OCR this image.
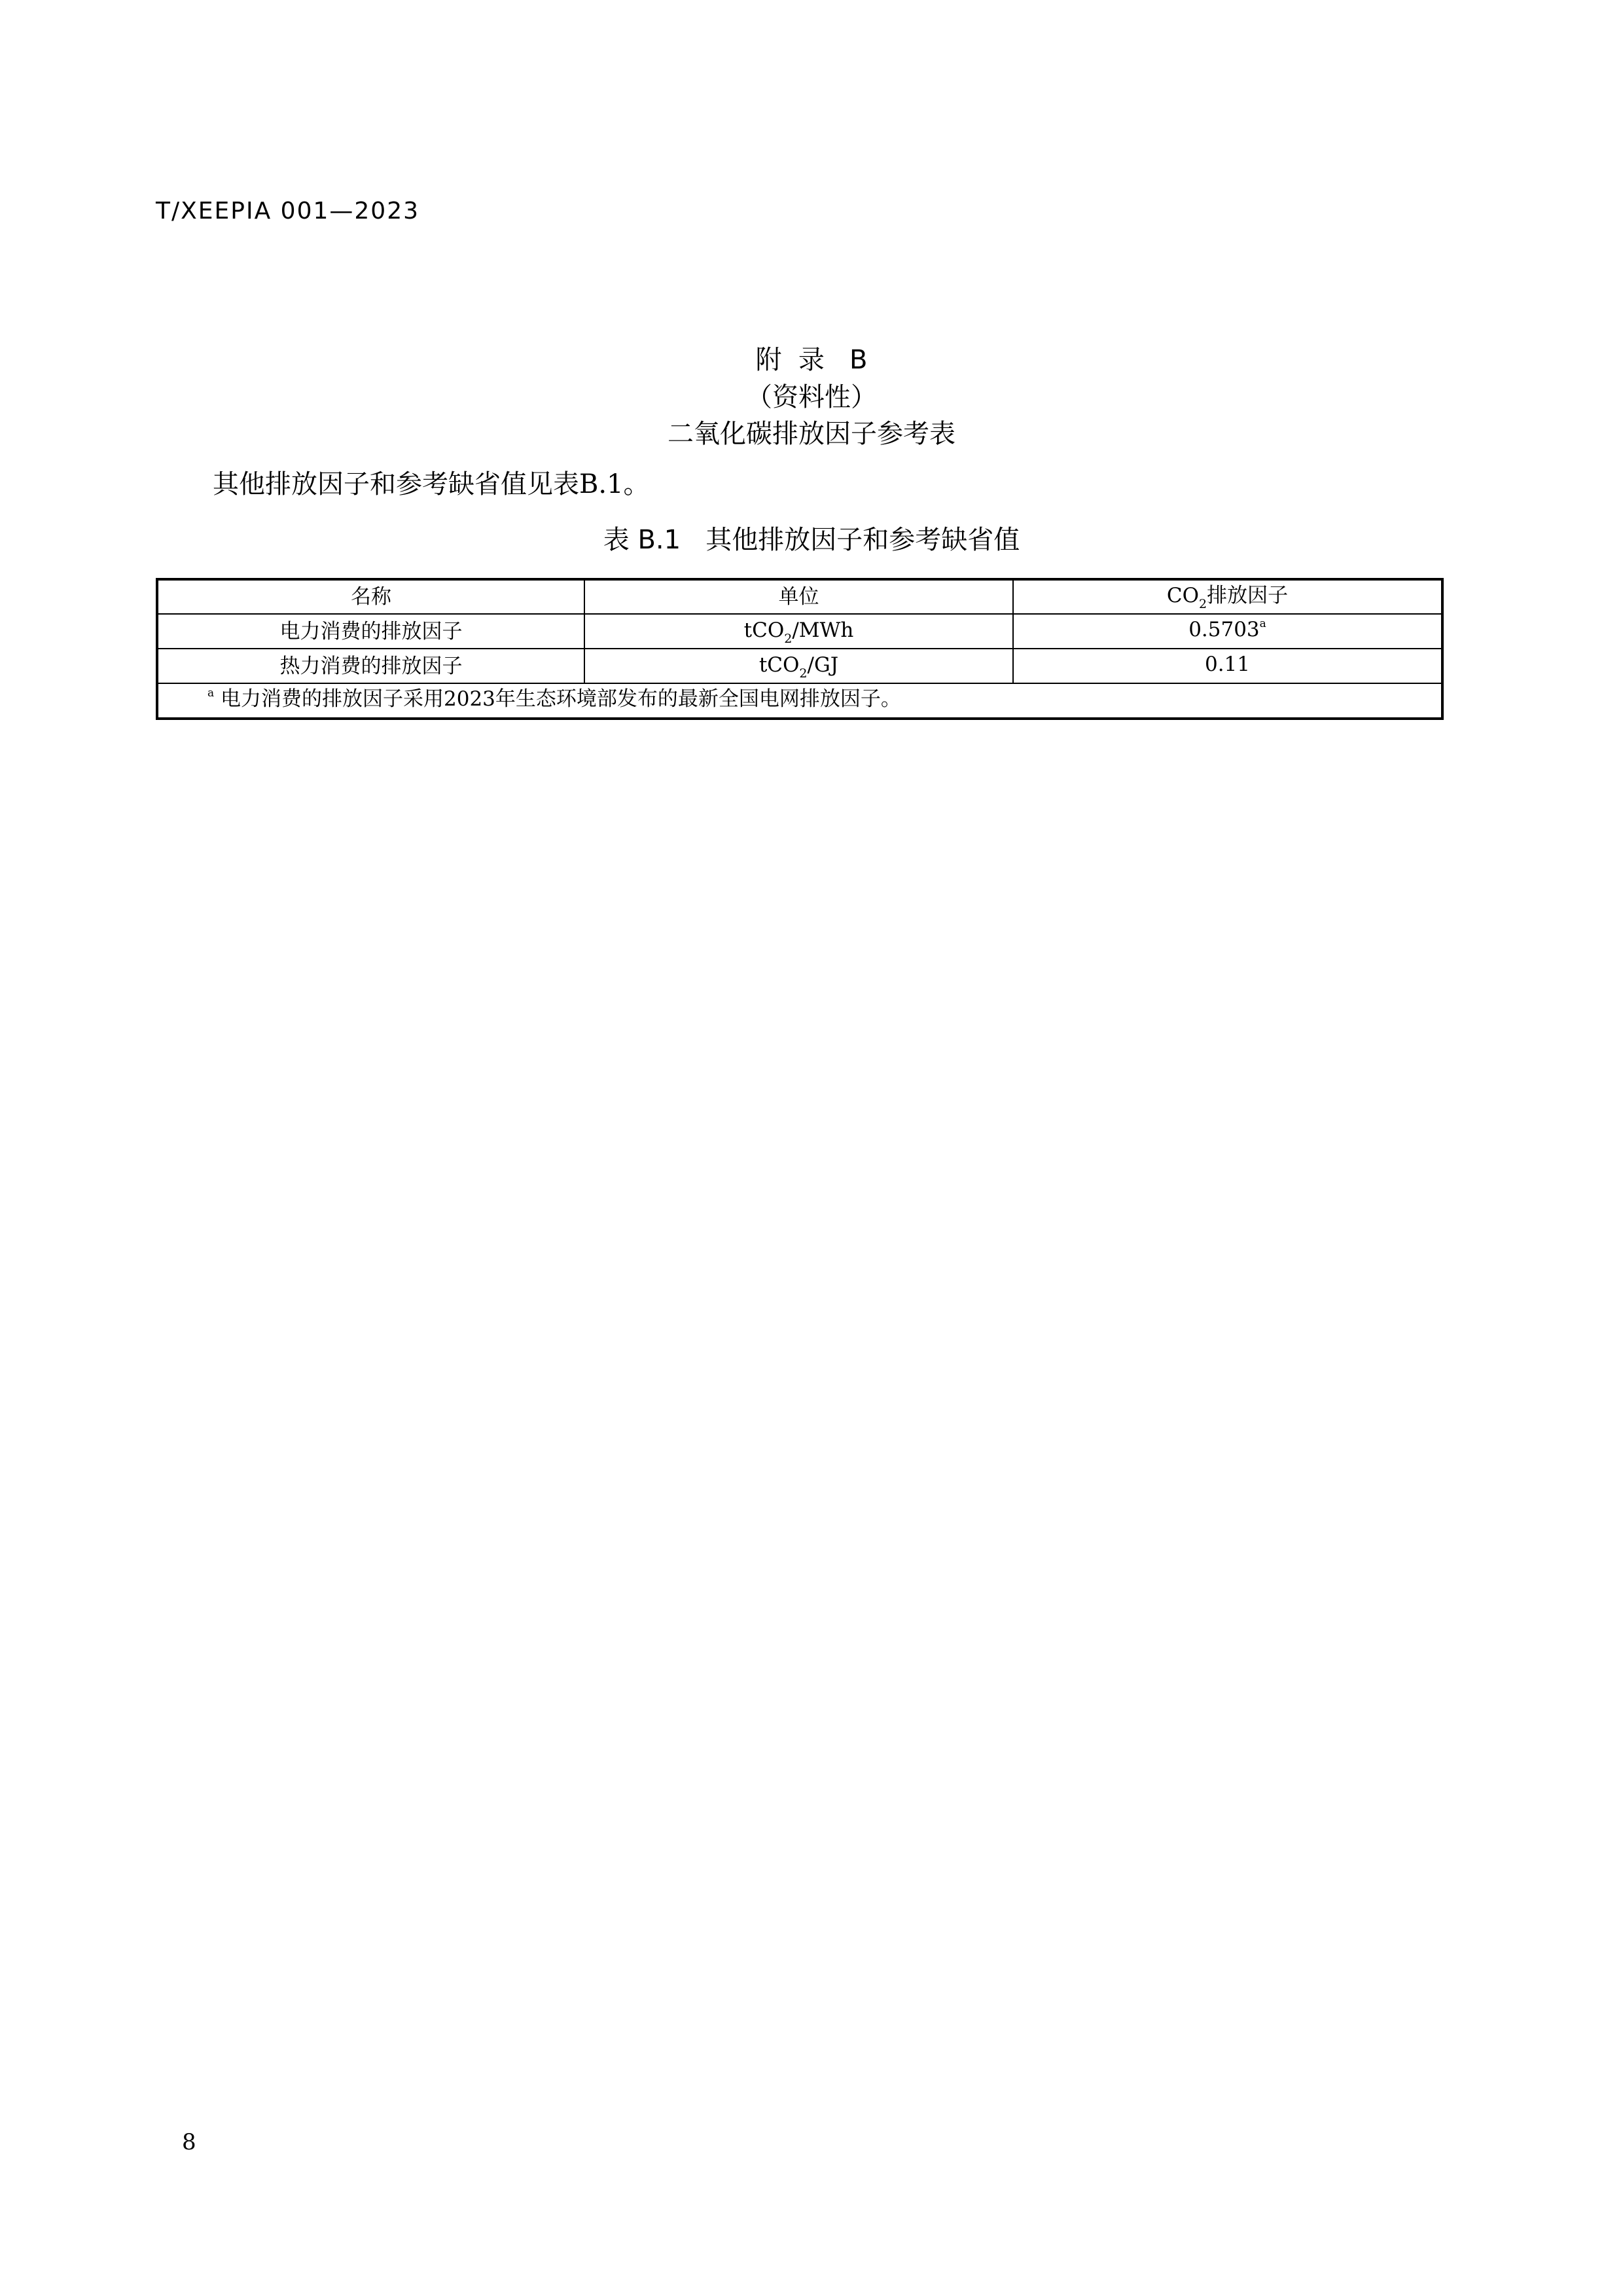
T/XEEPIA 001—2023
附  录   B
（资料性）
二氧化碳排放因子参考表
其他排放因子和参考缺省值见表B.1。
表 B.1   其他排放因子和参考缺省值
名称	单位	$CO_2$排放因子
电力消费的排放因子	tCO$_2$/MWh	0.5703$^a$
热力消费的排放因子	tCO$_2$/GJ	0.11
$^a$ 电力消费的排放因子采用2023年生态环境部发布的最新全国电网排放因子。		
8
